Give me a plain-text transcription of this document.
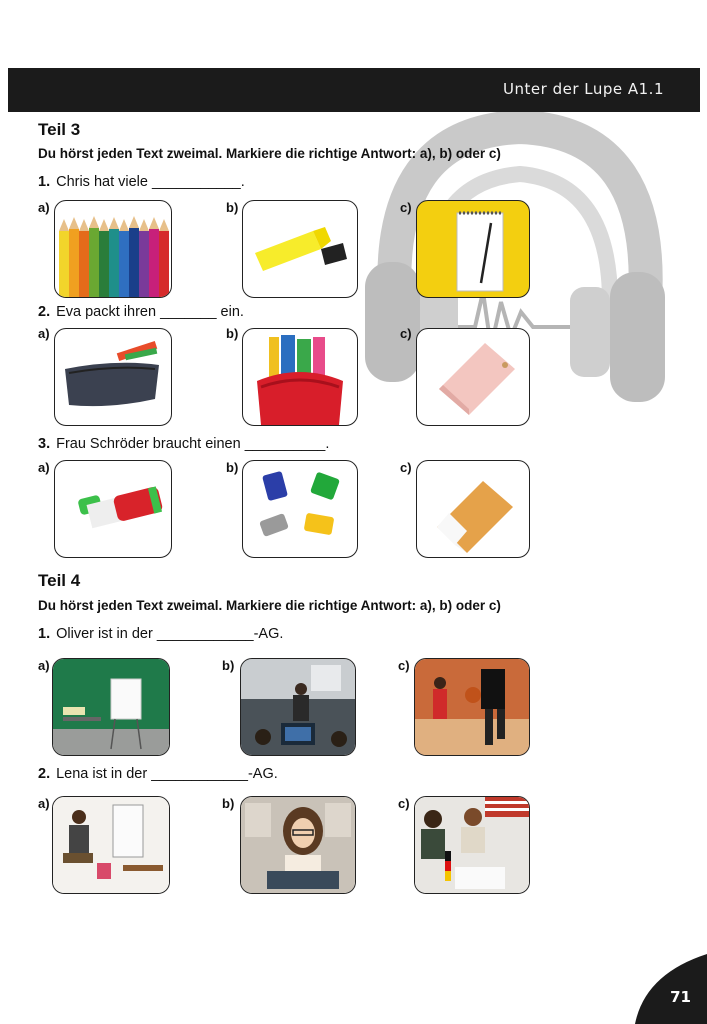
Unter der Lupe A1.1
Teil 3
Du hörst jeden Text zweimal. Markiere die richtige Antwort: a), b) oder c)
1. Chris hat viele ___________.
a)	b)	c)
2. Eva packt ihren _______ ein.
a)	b)	c)
3. Frau Schröder braucht einen __________.
a)	b)	c)
Teil 4
Du hörst jeden Text zweimal. Markiere die richtige Antwort: a), b) oder c)
1. Oliver ist in der ____________-AG.
a)	b)	c)
2. Lena ist in der ____________-AG.
a)	b)	c)
71
